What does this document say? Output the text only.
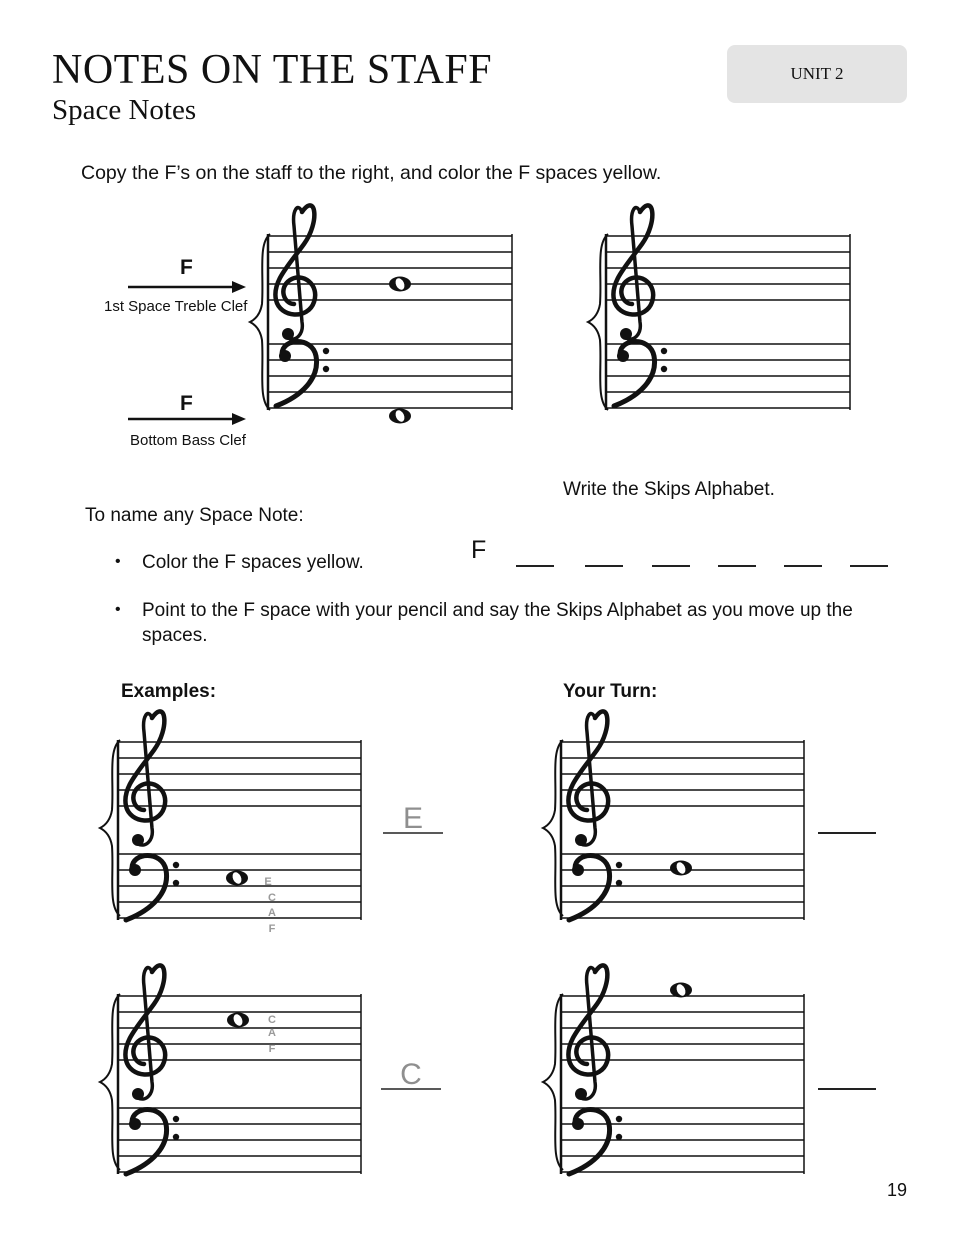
NOTES ON THE STAFF
Space Notes
UNIT 2
Copy the F’s on the staff to the right, and color the F spaces yellow.
F
1st Space Treble Clef
F
Bottom Bass Clef
Write the Skips Alphabet.
F
To name any Space Note:
• Color the F spaces yellow.
• Point to the F space with your pencil and say the Skips Alphabet as you move up the spaces.
Examples:	Your Turn:
E
C
A
F
E
C
A
F
C
19
